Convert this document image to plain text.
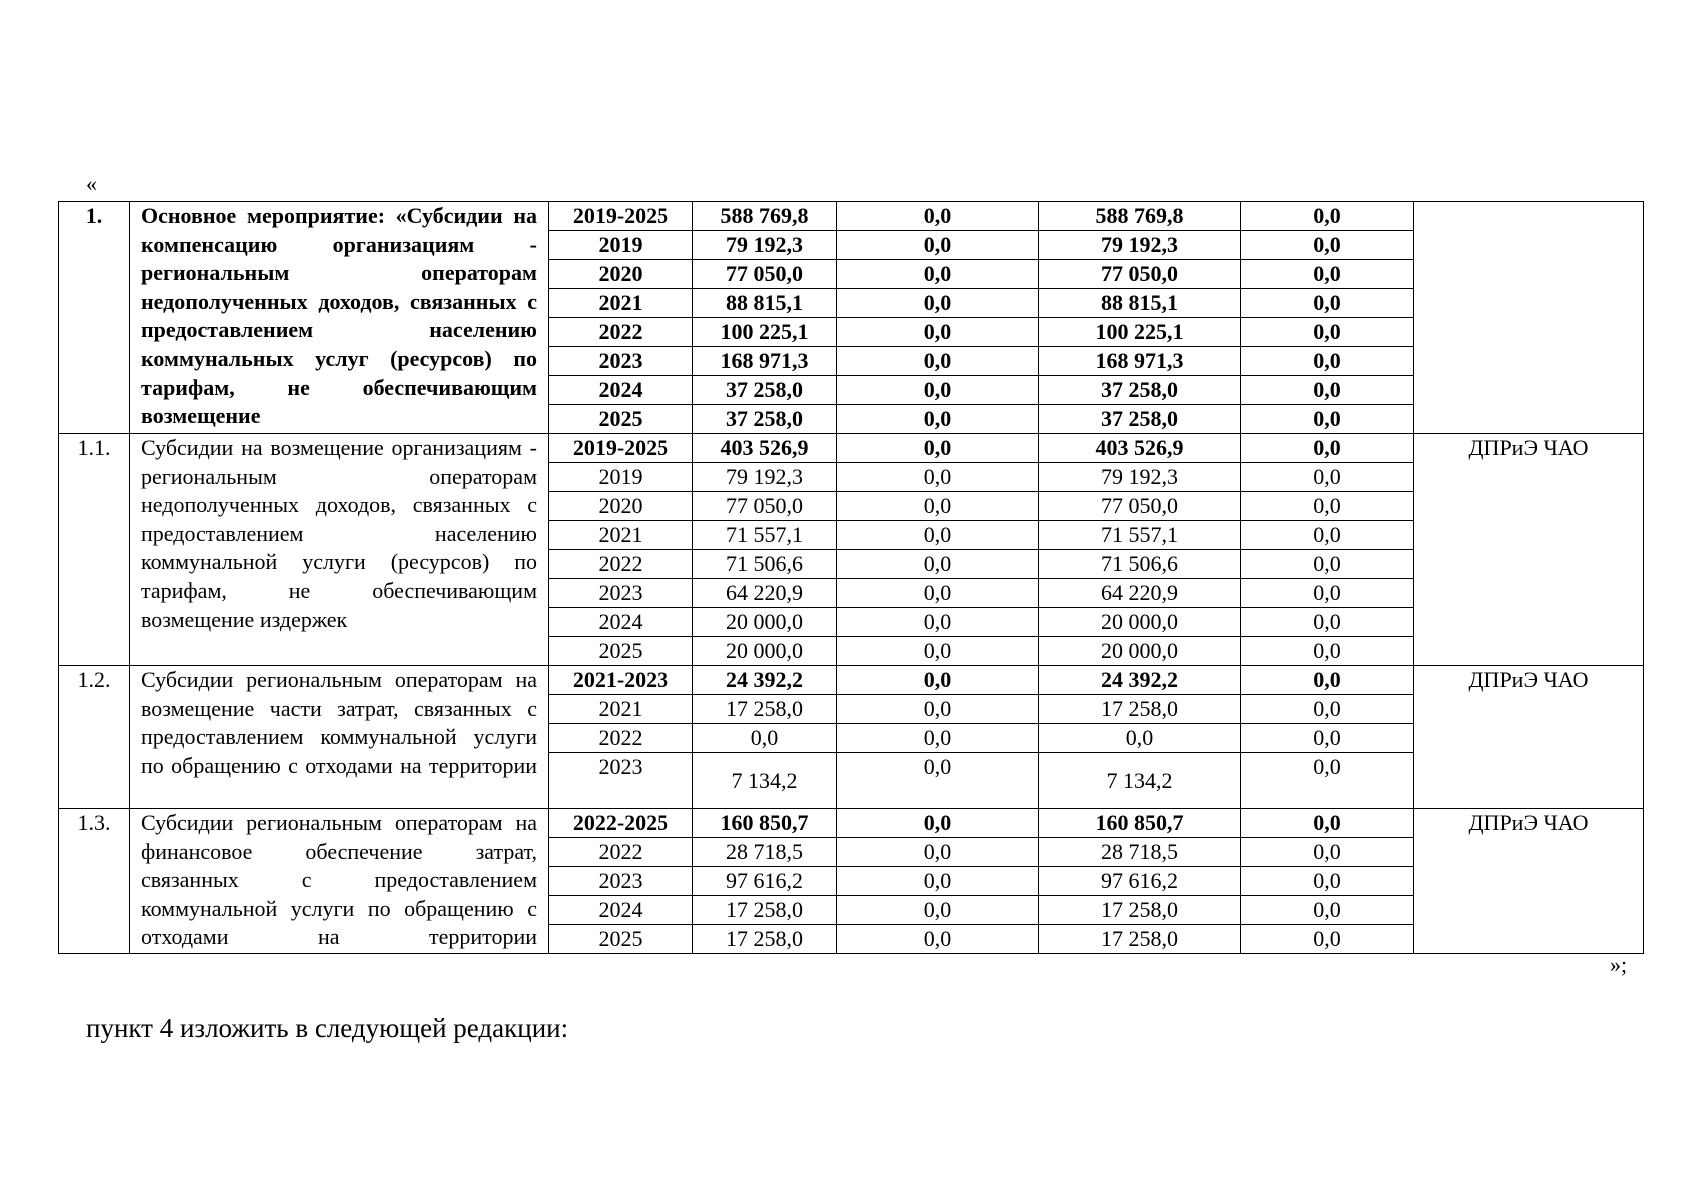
«
1.	Основное мероприятие: «Субсидии на компенсацию организациям - региональным операторам недополученных доходов, связанных с предоставлением населению коммунальных услуг (ресурсов) по тарифам, не обеспечивающим возмещение	2019-2025	588 769,8	0,0	588 769,8	0,0	
		2019	79 192,3	0,0	79 192,3	0,0	
		2020	77 050,0	0,0	77 050,0	0,0	
		2021	88 815,1	0,0	88 815,1	0,0	
		2022	100 225,1	0,0	100 225,1	0,0	
		2023	168 971,3	0,0	168 971,3	0,0	
		2024	37 258,0	0,0	37 258,0	0,0	
		2025	37 258,0	0,0	37 258,0	0,0	
1.1.	Субсидии на возмещение организациям - региональным операторам недополученных доходов, связанных с предоставлением населению коммунальной услуги (ресурсов) по тарифам, не обеспечивающим возмещение издержек	2019-2025	403 526,9	0,0	403 526,9	0,0	ДПРиЭ ЧАО
		2019	79 192,3	0,0	79 192,3	0,0	
		2020	77 050,0	0,0	77 050,0	0,0	
		2021	71 557,1	0,0	71 557,1	0,0	
		2022	71 506,6	0,0	71 506,6	0,0	
		2023	64 220,9	0,0	64 220,9	0,0	
		2024	20 000,0	0,0	20 000,0	0,0	
		2025	20 000,0	0,0	20 000,0	0,0	
1.2.	Субсидии региональным операторам на возмещение части затрат, связанных с предоставлением коммунальной услуги по обращению с отходами на территории	2021-2023	24 392,2	0,0	24 392,2	0,0	ДПРиЭ ЧАО
		2021	17 258,0	0,0	17 258,0	0,0	
		2022	0,0	0,0	0,0	0,0	
		2023	7 134,2	0,0	7 134,2	0,0	
1.3.	Субсидии региональным операторам на финансовое обеспечение затрат, связанных с предоставлением коммунальной услуги по обращению с отходами на территории	2022-2025	160 850,7	0,0	160 850,7	0,0	ДПРиЭ ЧАО
		2022	28 718,5	0,0	28 718,5	0,0	
		2023	97 616,2	0,0	97 616,2	0,0	
		2024	17 258,0	0,0	17 258,0	0,0	
		2025	17 258,0	0,0	17 258,0	0,0	
»;
пункт 4 изложить в следующей редакции:
